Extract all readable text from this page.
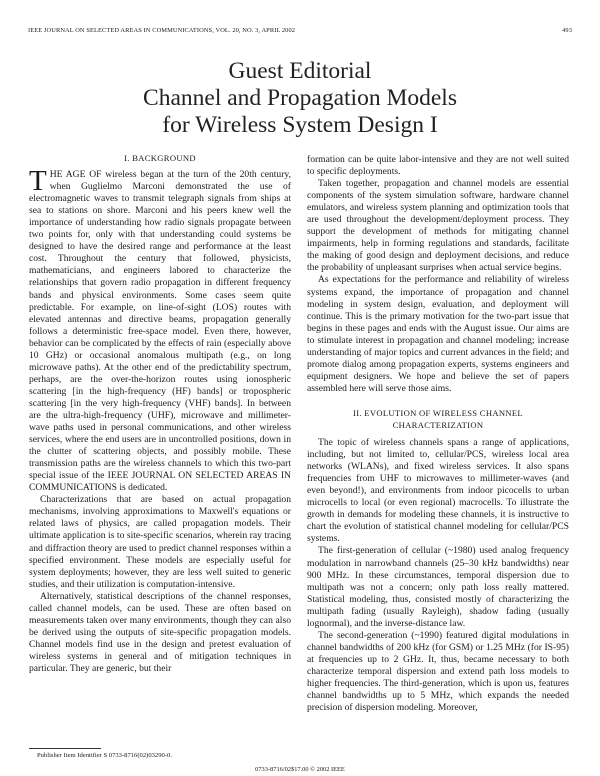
IEEE JOURNAL ON SELECTED AREAS IN COMMUNICATIONS, VOL. 20, NO. 3, APRIL 2002	493
Guest Editorial
Channel and Propagation Models
for Wireless System Design I
I. BACKGROUND

THE AGE OF wireless began at the turn of the 20th century, when Guglielmo Marconi demonstrated the use of electromagnetic waves to transmit telegraph signals from ships at sea to stations on shore. Marconi and his peers knew well the importance of understanding how radio signals propagate between two points for, only with that understanding could systems be designed to have the desired range and performance at the least cost. Throughout the century that followed, physicists, mathematicians, and engineers labored to characterize the relationships that govern radio propagation in different frequency bands and physical environments. Some cases seem quite predictable. For example, on line-of-sight (LOS) routes with elevated antennas and directive beams, propagation generally follows a deterministic free-space model. Even there, however, behavior can be complicated by the effects of rain (especially above 10 GHz) or occasional anomalous multipath (e.g., on long microwave paths). At the other end of the predictability spectrum, perhaps, are the over-the-horizon routes using ionospheric scattering [in the high-frequency (HF) bands] or tropospheric scattering [in the very high-frequency (VHF) bands]. In between are the ultra-high-frequency (UHF), microwave and millimeter-wave paths used in personal communications, and other wireless services, where the end users are in uncontrolled positions, down in the clutter of scattering objects, and possibly mobile. These transmission paths are the wireless channels to which this two-part special issue of the IEEE JOURNAL ON SELECTED AREAS IN COMMUNICATIONS is dedicated.

Characterizations that are based on actual propagation mechanisms, involving approximations to Maxwell's equations or related laws of physics, are called propagation models. Their ultimate application is to site-specific scenarios, wherein ray tracing and diffraction theory are used to predict channel responses within a specified environment. These models are especially useful for system deployments; however, they are less well suited to generic studies, and their utilization is computation-intensive.

Alternatively, statistical descriptions of the channel responses, called channel models, can be used. These are often based on measurements taken over many environments, though they can also be derived using the outputs of site-specific propagation models. Channel models find use in the design and pretest evaluation of wireless systems in general and of mitigation techniques in particular. They are generic, but their

formation can be quite labor-intensive and they are not well suited to specific deployments.

Taken together, propagation and channel models are essential components of the system simulation software, hardware channel emulators, and wireless system planning and optimization tools that are used throughout the development/deployment process. They support the development of methods for mitigating channel impairments, help in forming regulations and standards, facilitate the making of good design and deployment decisions, and reduce the probability of unpleasant surprises when actual service begins.

As expectations for the performance and reliability of wireless systems expand, the importance of propagation and channel modeling in system design, evaluation, and deployment will continue. This is the primary motivation for the two-part issue that begins in these pages and ends with the August issue. Our aims are to stimulate interest in propagation and channel modeling; increase understanding of major topics and current advances in the field; and promote dialog among propagation experts, systems engineers and equipment designers. We hope and believe the set of papers assembled here will serve those aims.

II. EVOLUTION OF WIRELESS CHANNEL CHARACTERIZATION

The topic of wireless channels spans a range of applications, including, but not limited to, cellular/PCS, wireless local area networks (WLANs), and fixed wireless services. It also spans frequencies from UHF to microwaves to millimeter-waves (and even beyond!), and environments from indoor picocells to urban microcells to local (or even regional) macrocells. To illustrate the growth in demands for modeling these channels, it is instructive to chart the evolution of statistical channel modeling for cellular/PCS systems.

The first-generation of cellular (~1980) used analog frequency modulation in narrowband channels (25–30 kHz bandwidths) near 900 MHz. In these circumstances, temporal dispersion due to multipath was not a concern; only path loss really mattered. Statistical modeling, thus, consisted mostly of characterizing the multipath fading (usually Rayleigh), shadow fading (usually lognormal), and the inverse-distance law.

The second-generation (~1990) featured digital modulations in channel bandwidths of 200 kHz (for GSM) or 1.25 MHz (for IS-95) at frequencies up to 2 GHz. It, thus, became necessary to both characterize temporal dispersion and extend path loss models to higher frequencies. The third-generation, which is upon us, features channel bandwidths up to 5 MHz, which expands the needed precision of dispersion modeling. Moreover,

Publisher Item Identifier S 0733-8716(02)03290-0.
0733-8716/02$17.00 © 2002 IEEE
